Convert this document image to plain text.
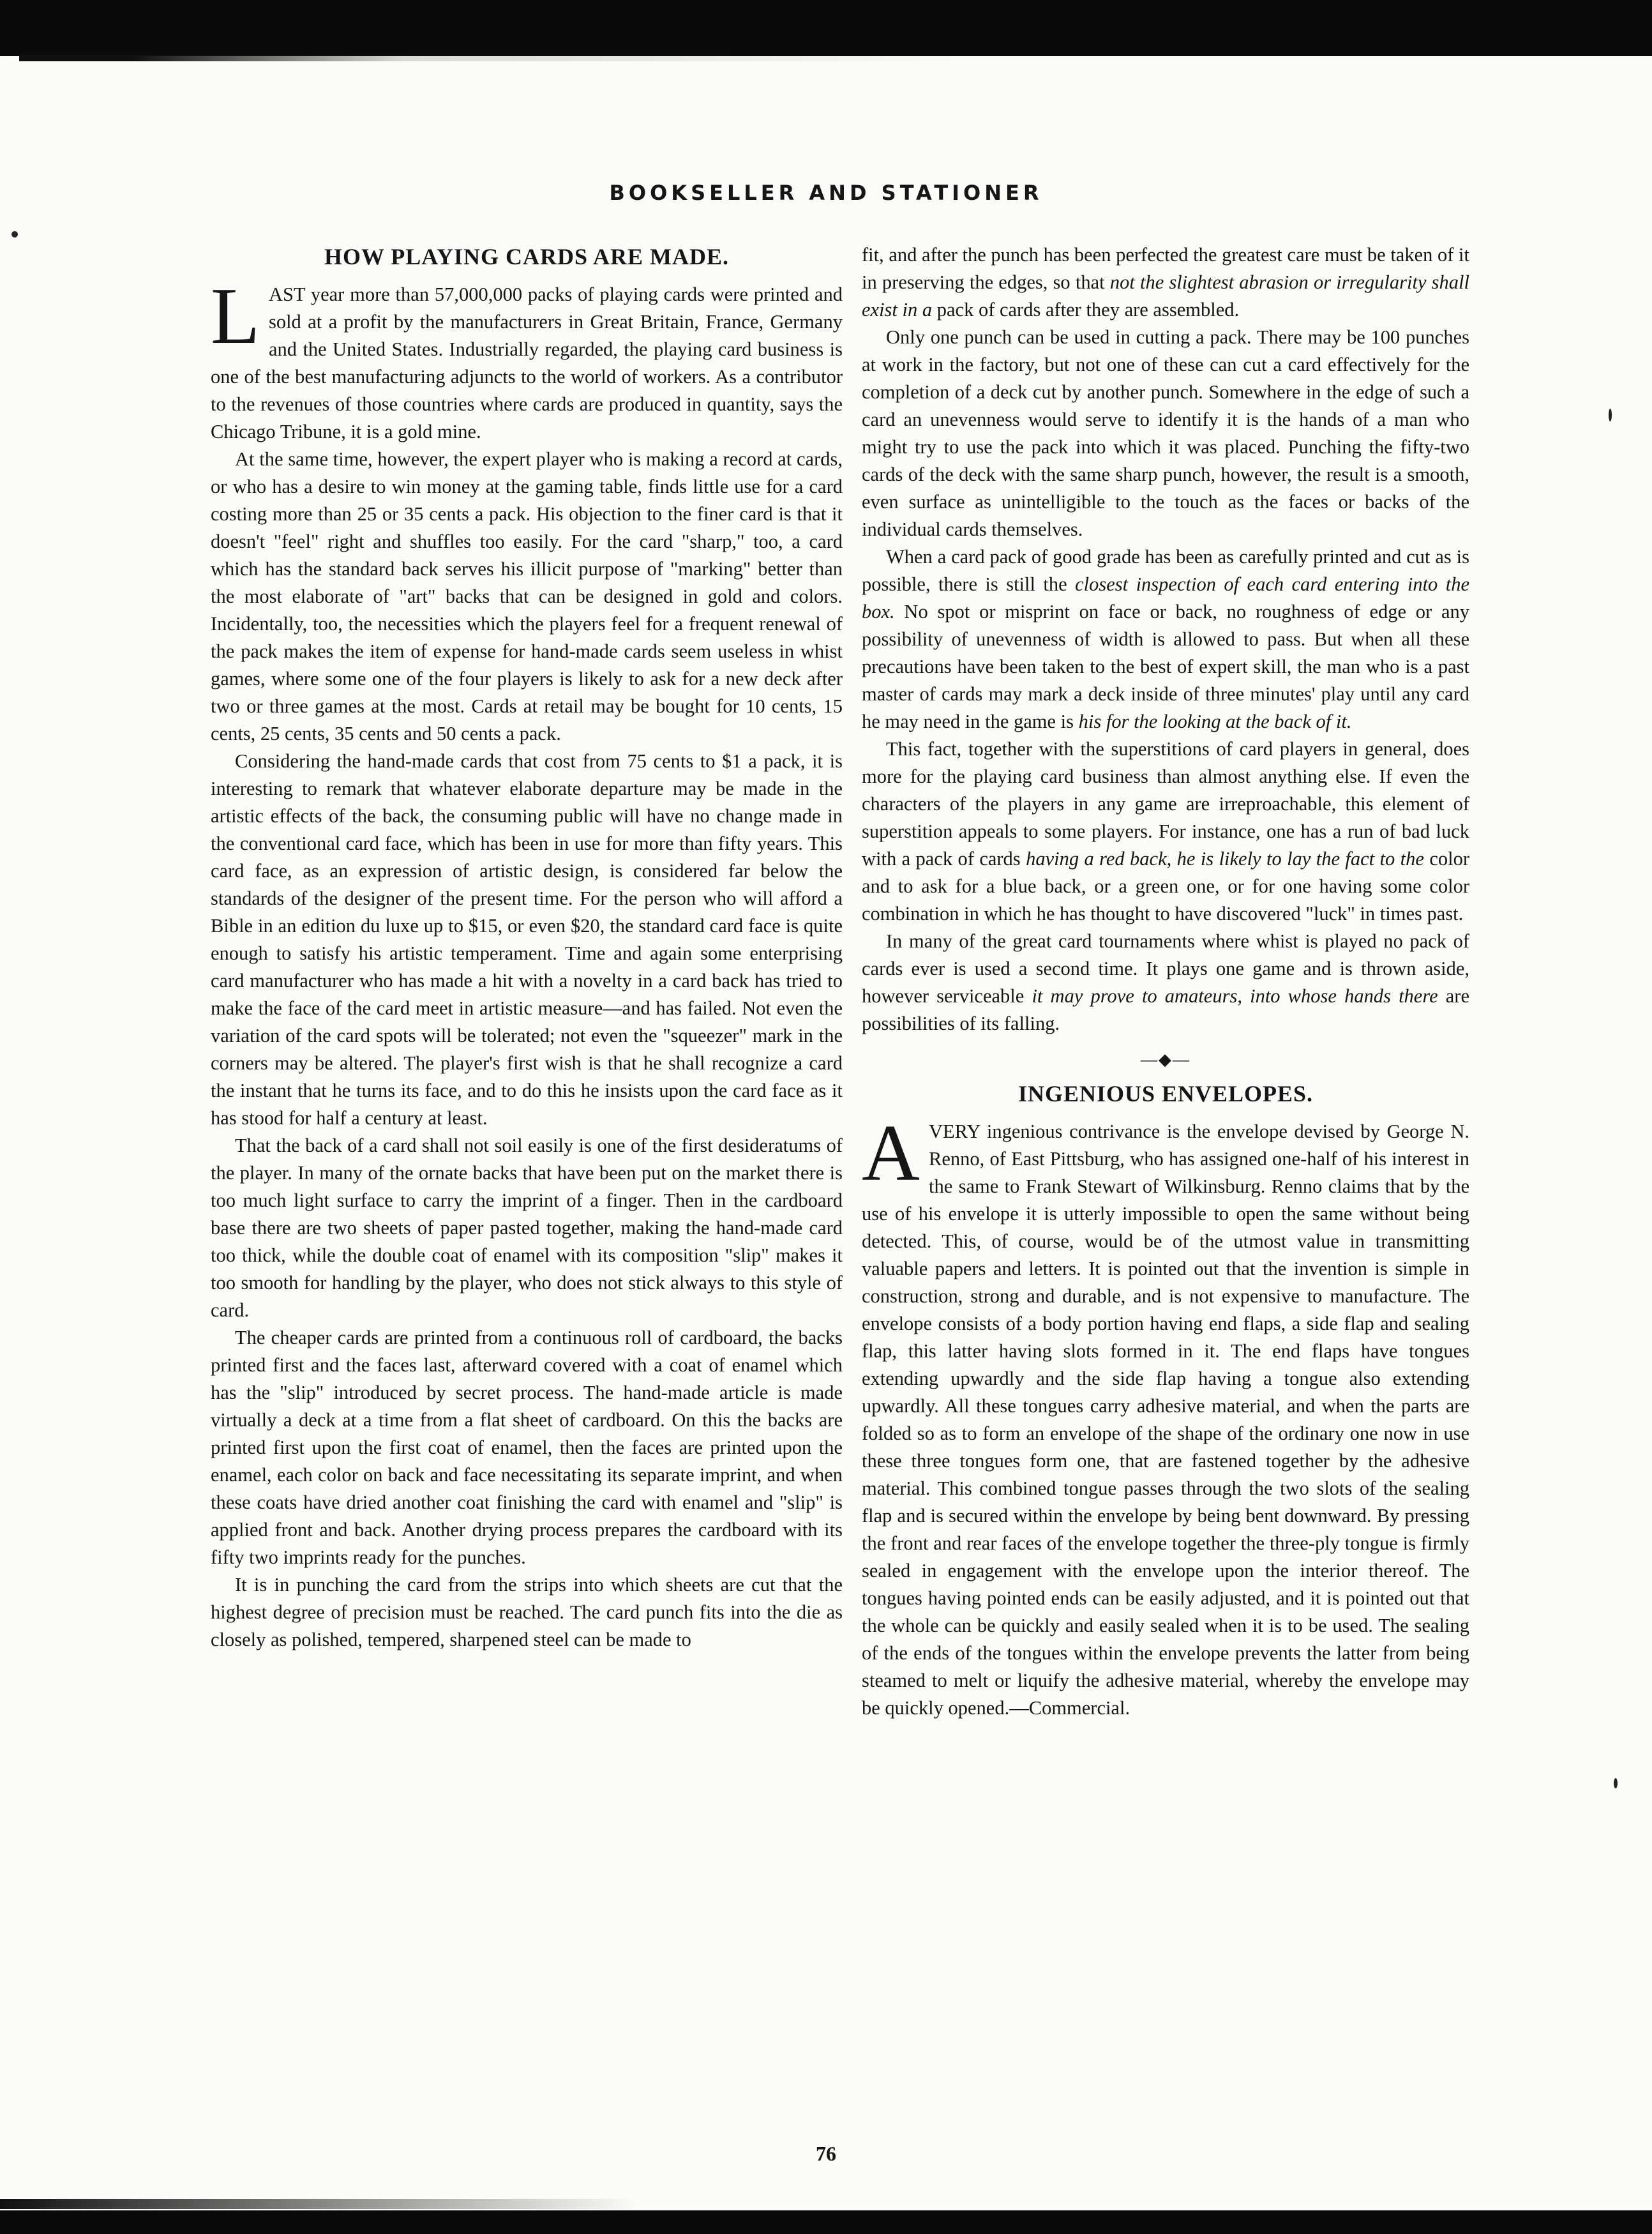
BOOKSELLER AND STATIONER
HOW PLAYING CARDS ARE MADE.

LAST year more than 57,000,000 packs of playing cards were printed and sold at a profit by the manufacturers in Great Britain, France, Germany and the United States. Industrially regarded, the playing card business is one of the best manufacturing adjuncts to the world of workers. As a contributor to the revenues of those countries where cards are produced in quantity, says the Chicago Tribune, it is a gold mine.

At the same time, however, the expert player who is making a record at cards, or who has a desire to win money at the gaming table, finds little use for a card costing more than 25 or 35 cents a pack. His objection to the finer card is that it doesn't "feel" right and shuffles too easily. For the card "sharp," too, a card which has the standard back serves his illicit purpose of "marking" better than the most elaborate of "art" backs that can be designed in gold and colors. Incidentally, too, the necessities which the players feel for a frequent renewal of the pack makes the item of expense for hand-made cards seem useless in whist games, where some one of the four players is likely to ask for a new deck after two or three games at the most. Cards at retail may be bought for 10 cents, 15 cents, 25 cents, 35 cents and 50 cents a pack.

Considering the hand-made cards that cost from 75 cents to $1 a pack, it is interesting to remark that whatever elaborate departure may be made in the artistic effects of the back, the consuming public will have no change made in the conventional card face, which has been in use for more than fifty years. This card face, as an expression of artistic design, is considered far below the standards of the designer of the present time. For the person who will afford a Bible in an edition du luxe up to $15, or even $20, the standard card face is quite enough to satisfy his artistic temperament. Time and again some enterprising card manufacturer who has made a hit with a novelty in a card back has tried to make the face of the card meet in artistic measure—and has failed. Not even the variation of the card spots will be tolerated; not even the "squeezer" mark in the corners may be altered. The player's first wish is that he shall recognize a card the instant that he turns its face, and to do this he insists upon the card face as it has stood for half a century at least.

That the back of a card shall not soil easily is one of the first desideratums of the player. In many of the ornate backs that have been put on the market there is too much light surface to carry the imprint of a finger. Then in the cardboard base there are two sheets of paper pasted together, making the hand-made card too thick, while the double coat of enamel with its composition "slip" makes it too smooth for handling by the player, who does not stick always to this style of card.

The cheaper cards are printed from a continuous roll of cardboard, the backs printed first and the faces last, afterward covered with a coat of enamel which has the "slip" introduced by secret process. The hand-made article is made virtually a deck at a time from a flat sheet of cardboard. On this the backs are printed first upon the first coat of enamel, then the faces are printed upon the enamel, each color on back and face necessitating its separate imprint, and when these coats have dried another coat finishing the card with enamel and "slip" is applied front and back. Another drying process prepares the cardboard with its fifty two imprints ready for the punches.

It is in punching the card from the strips into which sheets are cut that the highest degree of precision must be reached. The card punch fits into the die as closely as polished, tempered, sharpened steel can be made to

fit, and after the punch has been perfected the greatest care must be taken of it in preserving the edges, so that not the slightest abrasion or irregularity shall exist in a pack of cards after they are assembled.

Only one punch can be used in cutting a pack. There may be 100 punches at work in the factory, but not one of these can cut a card effectively for the completion of a deck cut by another punch. Somewhere in the edge of such a card an unevenness would serve to identify it is the hands of a man who might try to use the pack into which it was placed. Punching the fifty-two cards of the deck with the same sharp punch, however, the result is a smooth, even surface as unintelligible to the touch as the faces or backs of the individual cards themselves.

When a card pack of good grade has been as carefully printed and cut as is possible, there is still the closest inspection of each card entering into the box. No spot or misprint on face or back, no roughness of edge or any possibility of unevenness of width is allowed to pass. But when all these precautions have been taken to the best of expert skill, the man who is a past master of cards may mark a deck inside of three minutes' play until any card he may need in the game is his for the looking at the back of it.

This fact, together with the superstitions of card players in general, does more for the playing card business than almost anything else. If even the characters of the players in any game are irreproachable, this element of superstition appeals to some players. For instance, one has a run of bad luck with a pack of cards having a red back, he is likely to lay the fact to the color and to ask for a blue back, or a green one, or for one having some color combination in which he has thought to have discovered "luck" in times past.

In many of the great card tournaments where whist is played no pack of cards ever is used a second time. It plays one game and is thrown aside, however serviceable it may prove to amateurs, into whose hands there are possibilities of its falling.

—◆—
INGENIOUS ENVELOPES.

AVERY ingenious contrivance is the envelope devised by George N. Renno, of East Pittsburg, who has assigned one-half of his interest in the same to Frank Stewart of Wilkinsburg. Renno claims that by the use of his envelope it is utterly impossible to open the same without being detected. This, of course, would be of the utmost value in transmitting valuable papers and letters. It is pointed out that the invention is simple in construction, strong and durable, and is not expensive to manufacture. The envelope consists of a body portion having end flaps, a side flap and sealing flap, this latter having slots formed in it. The end flaps have tongues extending upwardly and the side flap having a tongue also extending upwardly. All these tongues carry adhesive material, and when the parts are folded so as to form an envelope of the shape of the ordinary one now in use these three tongues form one, that are fastened together by the adhesive material. This combined tongue passes through the two slots of the sealing flap and is secured within the envelope by being bent downward. By pressing the front and rear faces of the envelope together the three-ply tongue is firmly sealed in engagement with the envelope upon the interior thereof. The tongues having pointed ends can be easily adjusted, and it is pointed out that the whole can be quickly and easily sealed when it is to be used. The sealing of the ends of the tongues within the envelope prevents the latter from being steamed to melt or liquify the adhesive material, whereby the envelope may be quickly opened.—Commercial.

76
